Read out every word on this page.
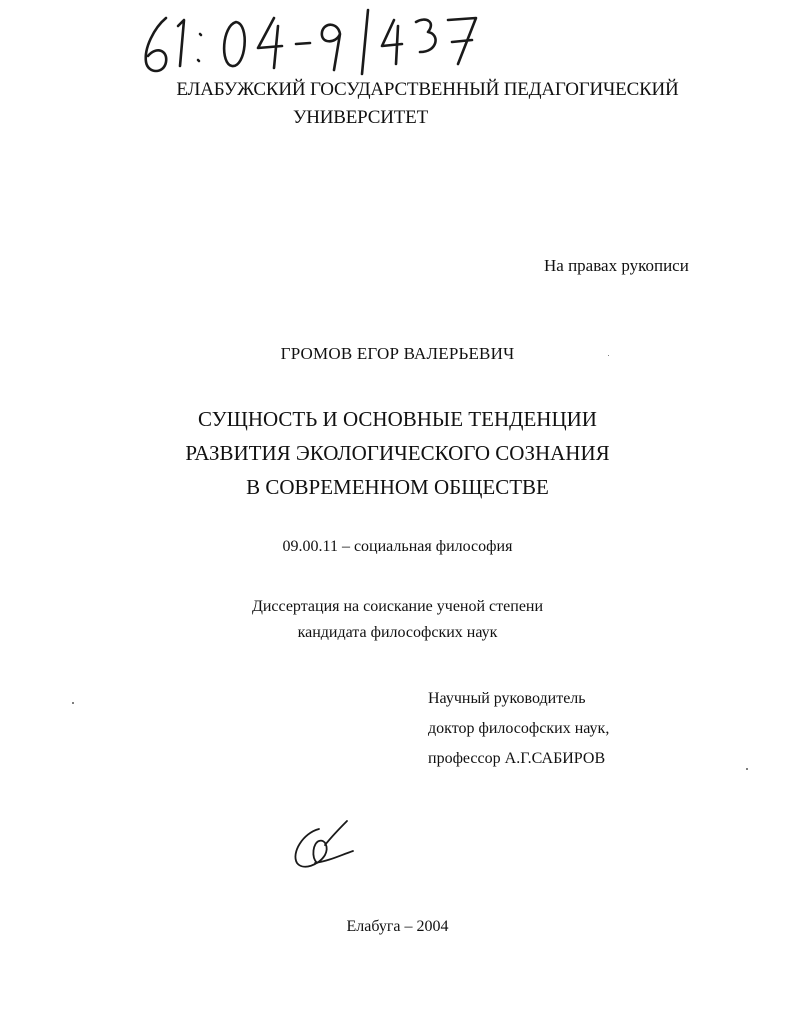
ЕЛАБУЖСКИЙ ГОСУДАРСТВЕННЫЙ ПЕДАГОГИЧЕСКИЙ
УНИВЕРСИТЕТ
На правах рукописи
ГРОМОВ ЕГОР ВАЛЕРЬЕВИЧ
СУЩНОСТЬ И ОСНОВНЫЕ ТЕНДЕНЦИИ
РАЗВИТИЯ ЭКОЛОГИЧЕСКОГО СОЗНАНИЯ
В СОВРЕМЕННОМ ОБЩЕСТВЕ
09.00.11 – социальная философия
Диссертация на соискание ученой степени
кандидата философских наук
Научный руководитель
доктор философских наук,
профессор А.Г.САБИРОВ
Елабуга – 2004
